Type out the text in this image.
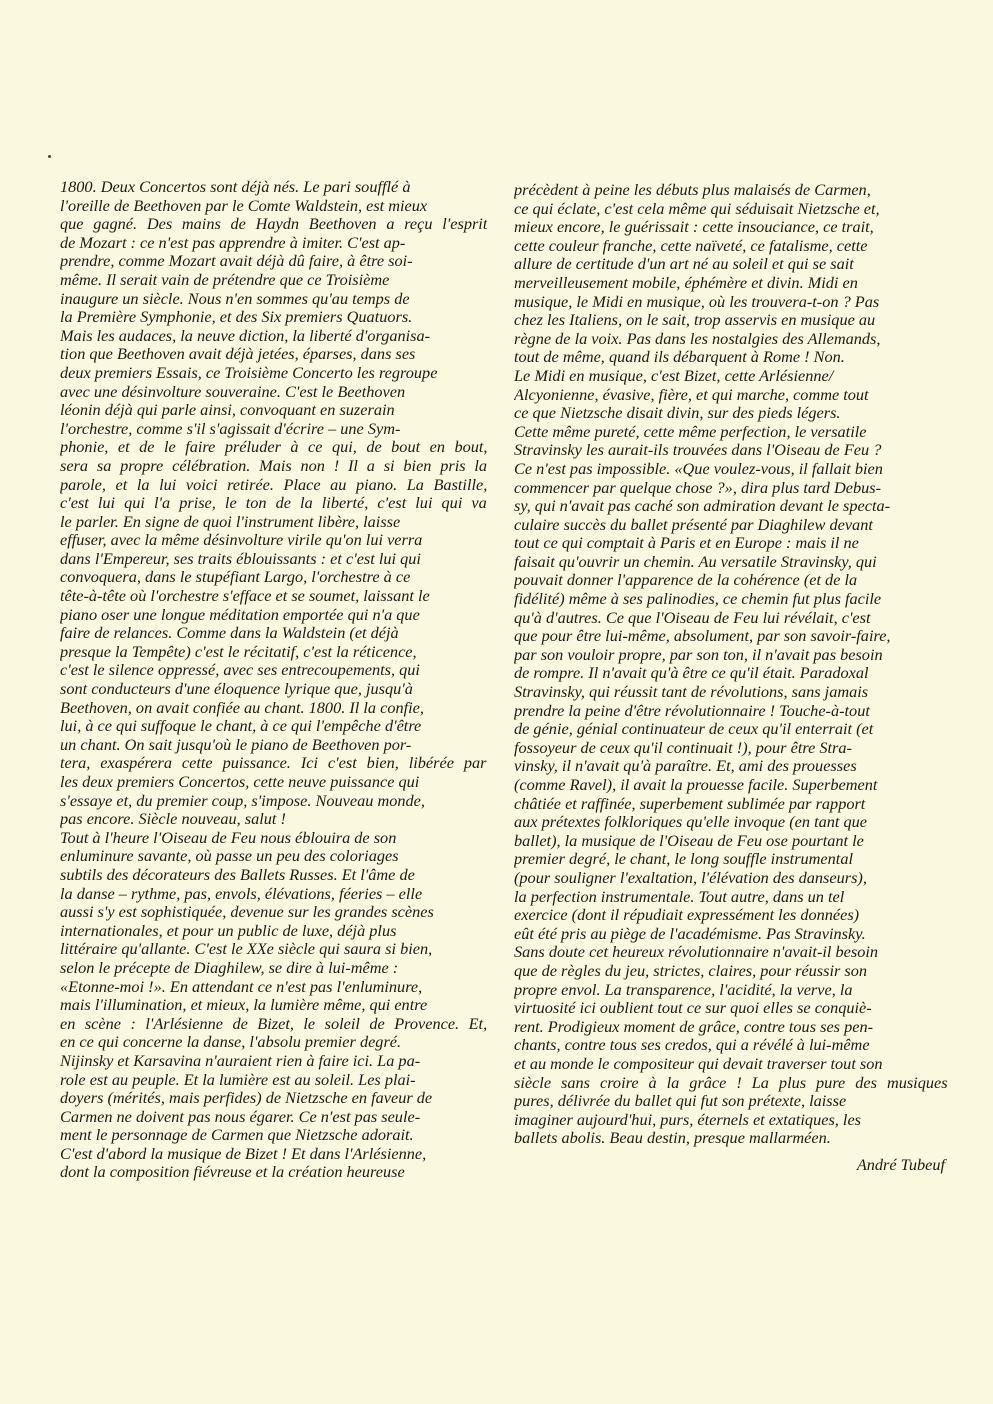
1800. Deux Concertos sont déjà nés. Le pari soufflé à
l'oreille de Beethoven par le Comte Waldstein, est mieux
que gagné. Des mains de Haydn Beethoven a reçu l'esprit
de Mozart : ce n'est pas apprendre à imiter. C'est ap-
prendre, comme Mozart avait déjà dû faire, à être soi-
même. Il serait vain de prétendre que ce Troisième
inaugure un siècle. Nous n'en sommes qu'au temps de
la Première Symphonie, et des Six premiers Quatuors.
Mais les audaces, la neuve diction, la liberté d'organisa-
tion que Beethoven avait déjà jetées, éparses, dans ses
deux premiers Essais, ce Troisième Concerto les regroupe
avec une désinvolture souveraine. C'est le Beethoven
léonin déjà qui parle ainsi, convoquant en suzerain
l'orchestre, comme s'il s'agissait d'écrire – une Sym-
phonie, et de le faire préluder à ce qui, de bout en bout,
sera sa propre célébration. Mais non ! Il a si bien pris la
parole, et la lui voici retirée. Place au piano. La Bastille,
c'est lui qui l'a prise, le ton de la liberté, c'est lui qui va
le parler. En signe de quoi l'instrument libère, laisse
effuser, avec la même désinvolture virile qu'on lui verra
dans l'Empereur, ses traits éblouissants : et c'est lui qui
convoquera, dans le stupéfiant Largo, l'orchestre à ce
tête-à-tête où l'orchestre s'efface et se soumet, laissant le
piano oser une longue méditation emportée qui n'a que
faire de relances. Comme dans la Waldstein (et déjà
presque la Tempête) c'est le récitatif, c'est la réticence,
c'est le silence oppressé, avec ses entrecoupements, qui
sont conducteurs d'une éloquence lyrique que, jusqu'à
Beethoven, on avait confiée au chant. 1800. Il la confie,
lui, à ce qui suffoque le chant, à ce qui l'empêche d'être
un chant. On sait jusqu'où le piano de Beethoven por-
tera, exaspérera cette puissance. Ici c'est bien, libérée par
les deux premiers Concertos, cette neuve puissance qui
s'essaye et, du premier coup, s'impose. Nouveau monde,
pas encore. Siècle nouveau, salut !
Tout à l'heure l'Oiseau de Feu nous éblouira de son
enluminure savante, où passe un peu des coloriages
subtils des décorateurs des Ballets Russes. Et l'âme de
la danse – rythme, pas, envols, élévations, féeries – elle
aussi s'y est sophistiquée, devenue sur les grandes scènes
internationales, et pour un public de luxe, déjà plus
littéraire qu'allante. C'est le XXe siècle qui saura si bien,
selon le précepte de Diaghilew, se dire à lui-même :
«Etonne-moi !». En attendant ce n'est pas l'enluminure,
mais l'illumination, et mieux, la lumière même, qui entre
en scène : l'Arlésienne de Bizet, le soleil de Provence. Et,
en ce qui concerne la danse, l'absolu premier degré.
Nijinsky et Karsavina n'auraient rien à faire ici. La pa-
role est au peuple. Et la lumière est au soleil. Les plai-
doyers (mérités, mais perfides) de Nietzsche en faveur de
Carmen ne doivent pas nous égarer. Ce n'est pas seule-
ment le personnage de Carmen que Nietzsche adorait.
C'est d'abord la musique de Bizet ! Et dans l'Arlésienne,
dont la composition fiévreuse et la création heureuse
précèdent à peine les débuts plus malaisés de Carmen,
ce qui éclate, c'est cela même qui séduisait Nietzsche et,
mieux encore, le guérissait : cette insouciance, ce trait,
cette couleur franche, cette naïveté, ce fatalisme, cette
allure de certitude d'un art né au soleil et qui se sait
merveilleusement mobile, éphémère et divin. Midi en
musique, le Midi en musique, où les trouvera-t-on ? Pas
chez les Italiens, on le sait, trop asservis en musique au
règne de la voix. Pas dans les nostalgies des Allemands,
tout de même, quand ils débarquent à Rome ! Non.
Le Midi en musique, c'est Bizet, cette Arlésienne/
Alcyonienne, évasive, fière, et qui marche, comme tout
ce que Nietzsche disait divin, sur des pieds légers.
Cette même pureté, cette même perfection, le versatile
Stravinsky les aurait-ils trouvées dans l'Oiseau de Feu ?
Ce n'est pas impossible. «Que voulez-vous, il fallait bien
commencer par quelque chose ?», dira plus tard Debus-
sy, qui n'avait pas caché son admiration devant le specta-
culaire succès du ballet présenté par Diaghilew devant
tout ce qui comptait à Paris et en Europe : mais il ne
faisait qu'ouvrir un chemin. Au versatile Stravinsky, qui
pouvait donner l'apparence de la cohérence (et de la
fidélité) même à ses palinodies, ce chemin fut plus facile
qu'à d'autres. Ce que l'Oiseau de Feu lui révélait, c'est
que pour être lui-même, absolument, par son savoir-faire,
par son vouloir propre, par son ton, il n'avait pas besoin
de rompre. Il n'avait qu'à être ce qu'il était. Paradoxal
Stravinsky, qui réussit tant de révolutions, sans jamais
prendre la peine d'être révolutionnaire ! Touche-à-tout
de génie, génial continuateur de ceux qu'il enterrait (et
fossoyeur de ceux qu'il continuait !), pour être Stra-
vinsky, il n'avait qu'à paraître. Et, ami des prouesses
(comme Ravel), il avait la prouesse facile. Superbement
châtiée et raffinée, superbement sublimée par rapport
aux prétextes folkloriques qu'elle invoque (en tant que
ballet), la musique de l'Oiseau de Feu ose pourtant le
premier degré, le chant, le long souffle instrumental
(pour souligner l'exaltation, l'élévation des danseurs),
la perfection instrumentale. Tout autre, dans un tel
exercice (dont il répudiait expressément les données)
eût été pris au piège de l'académisme. Pas Stravinsky.
Sans doute cet heureux révolutionnaire n'avait-il besoin
que de règles du jeu, strictes, claires, pour réussir son
propre envol. La transparence, l'acidité, la verve, la
virtuosité ici oublient tout ce sur quoi elles se conquiè-
rent. Prodigieux moment de grâce, contre tous ses pen-
chants, contre tous ses credos, qui a révélé à lui-même
et au monde le compositeur qui devait traverser tout son
siècle sans croire à la grâce ! La plus pure des musiques
pures, délivrée du ballet qui fut son prétexte, laisse
imaginer aujourd'hui, purs, éternels et extatiques, les
ballets abolis. Beau destin, presque mallarméen.
André Tubeuf
